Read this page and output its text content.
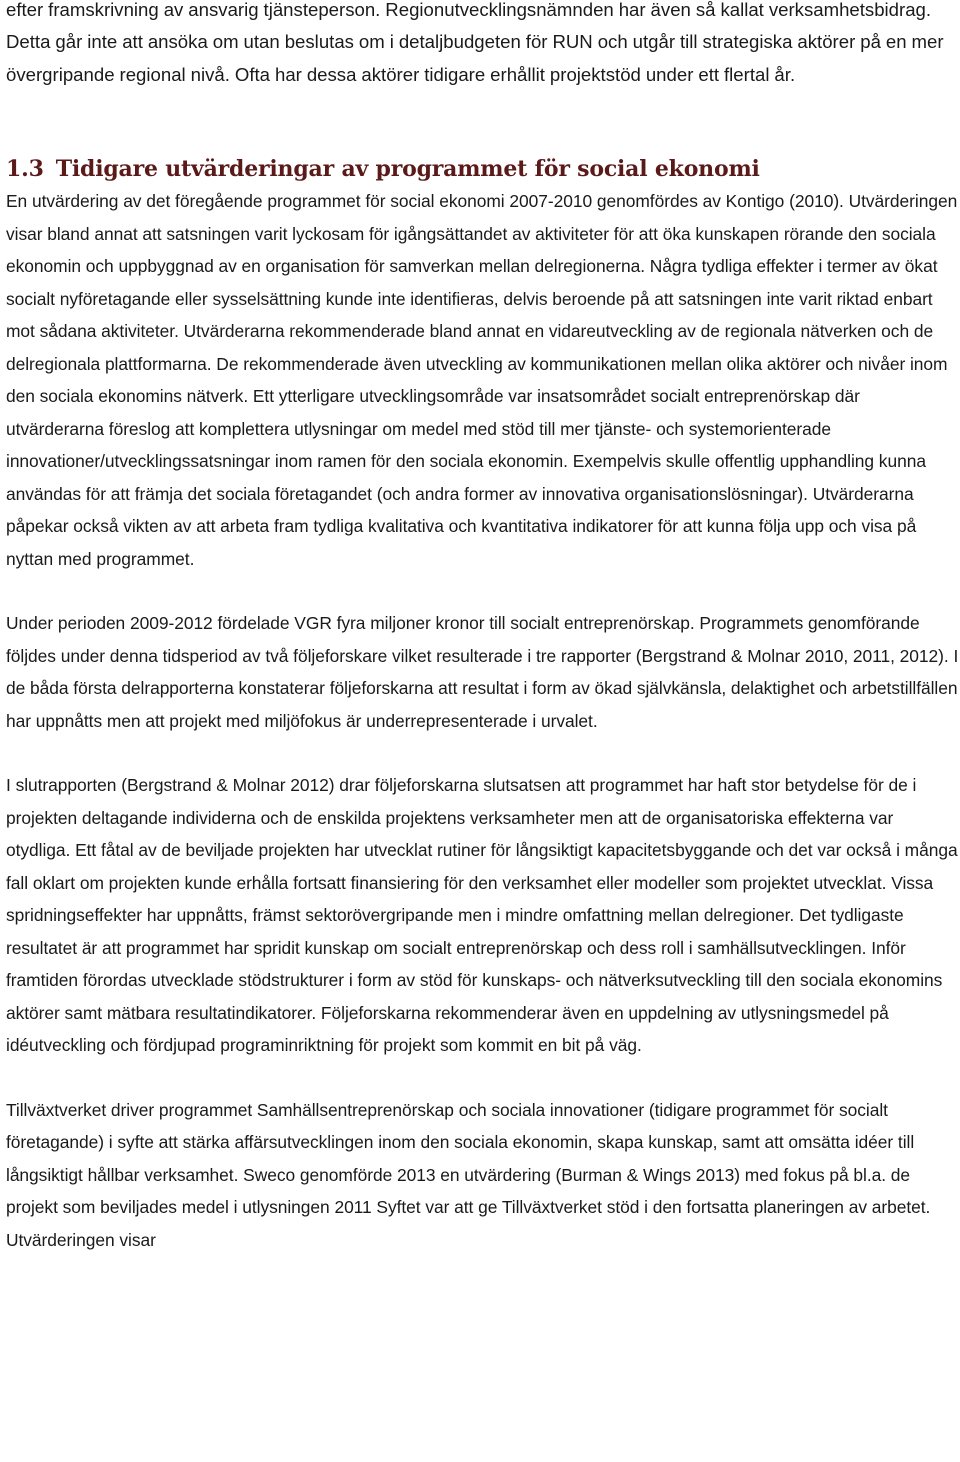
efter framskrivning av ansvarig tjänsteperson. Regionutvecklingsnämnden har även så kallat verksamhetsbidrag. Detta går inte att ansöka om utan beslutas om i detaljbudgeten för RUN och utgår till strategiska aktörer på en mer övergripande regional nivå. Ofta har dessa aktörer tidigare erhållit projektstöd under ett flertal år.

1.3 Tidigare utvärderingar av programmet för social ekonomi

En utvärdering av det föregående programmet för social ekonomi 2007-2010 genomfördes av Kontigo (2010). Utvärderingen visar bland annat att satsningen varit lyckosam för igångsättandet av aktiviteter för att öka kunskapen rörande den sociala ekonomin och uppbyggnad av en organisation för samverkan mellan delregionerna. Några tydliga effekter i termer av ökat socialt nyföretagande eller sysselsättning kunde inte identifieras, delvis beroende på att satsningen inte varit riktad enbart mot sådana aktiviteter. Utvärderarna rekommenderade bland annat en vidareutveckling av de regionala nätverken och de delregionala plattformarna. De rekommenderade även utveckling av kommunikationen mellan olika aktörer och nivåer inom den sociala ekonomins nätverk. Ett ytterligare utvecklingsområde var insatsområdet socialt entreprenörskap där utvärderarna föreslog att komplettera utlysningar om medel med stöd till mer tjänste- och systemorienterade innovationer/utvecklingssatsningar inom ramen för den sociala ekonomin. Exempelvis skulle offentlig upphandling kunna användas för att främja det sociala företagandet (och andra former av innovativa organisationslösningar). Utvärderarna påpekar också vikten av att arbeta fram tydliga kvalitativa och kvantitativa indikatorer för att kunna följa upp och visa på nyttan med programmet.

Under perioden 2009-2012 fördelade VGR fyra miljoner kronor till socialt entreprenörskap. Programmets genomförande följdes under denna tidsperiod av två följeforskare vilket resulterade i tre rapporter (Bergstrand & Molnar 2010, 2011, 2012). I de båda första delrapporterna konstaterar följeforskarna att resultat i form av ökad självkänsla, delaktighet och arbetstillfällen har uppnåtts men att projekt med miljöfokus är underrepresenterade i urvalet.

I slutrapporten (Bergstrand & Molnar 2012) drar följeforskarna slutsatsen att programmet har haft stor betydelse för de i projekten deltagande individerna och de enskilda projektens verksamheter men att de organisatoriska effekterna var otydliga. Ett fåtal av de beviljade projekten har utvecklat rutiner för långsiktigt kapacitetsbyggande och det var också i många fall oklart om projekten kunde erhålla fortsatt finansiering för den verksamhet eller modeller som projektet utvecklat. Vissa spridningseffekter har uppnåtts, främst sektorövergripande men i mindre omfattning mellan delregioner. Det tydligaste resultatet är att programmet har spridit kunskap om socialt entreprenörskap och dess roll i samhällsutvecklingen. Inför framtiden förordas utvecklade stödstrukturer i form av stöd för kunskaps- och nätverksutveckling till den sociala ekonomins aktörer samt mätbara resultatindikatorer. Följeforskarna rekommenderar även en uppdelning av utlysningsmedel på idéutveckling och fördjupad programinriktning för projekt som kommit en bit på väg.

Tillväxtverket driver programmet Samhällsentreprenörskap och sociala innovationer (tidigare programmet för socialt företagande) i syfte att stärka affärsutvecklingen inom den sociala ekonomin, skapa kunskap, samt att omsätta idéer till långsiktigt hållbar verksamhet. Sweco genomförde 2013 en utvärdering (Burman & Wings 2013) med fokus på bl.a. de projekt som beviljades medel i utlysningen 2011 Syftet var att ge Tillväxtverket stöd i den fortsatta planeringen av arbetet. Utvärderingen visar
